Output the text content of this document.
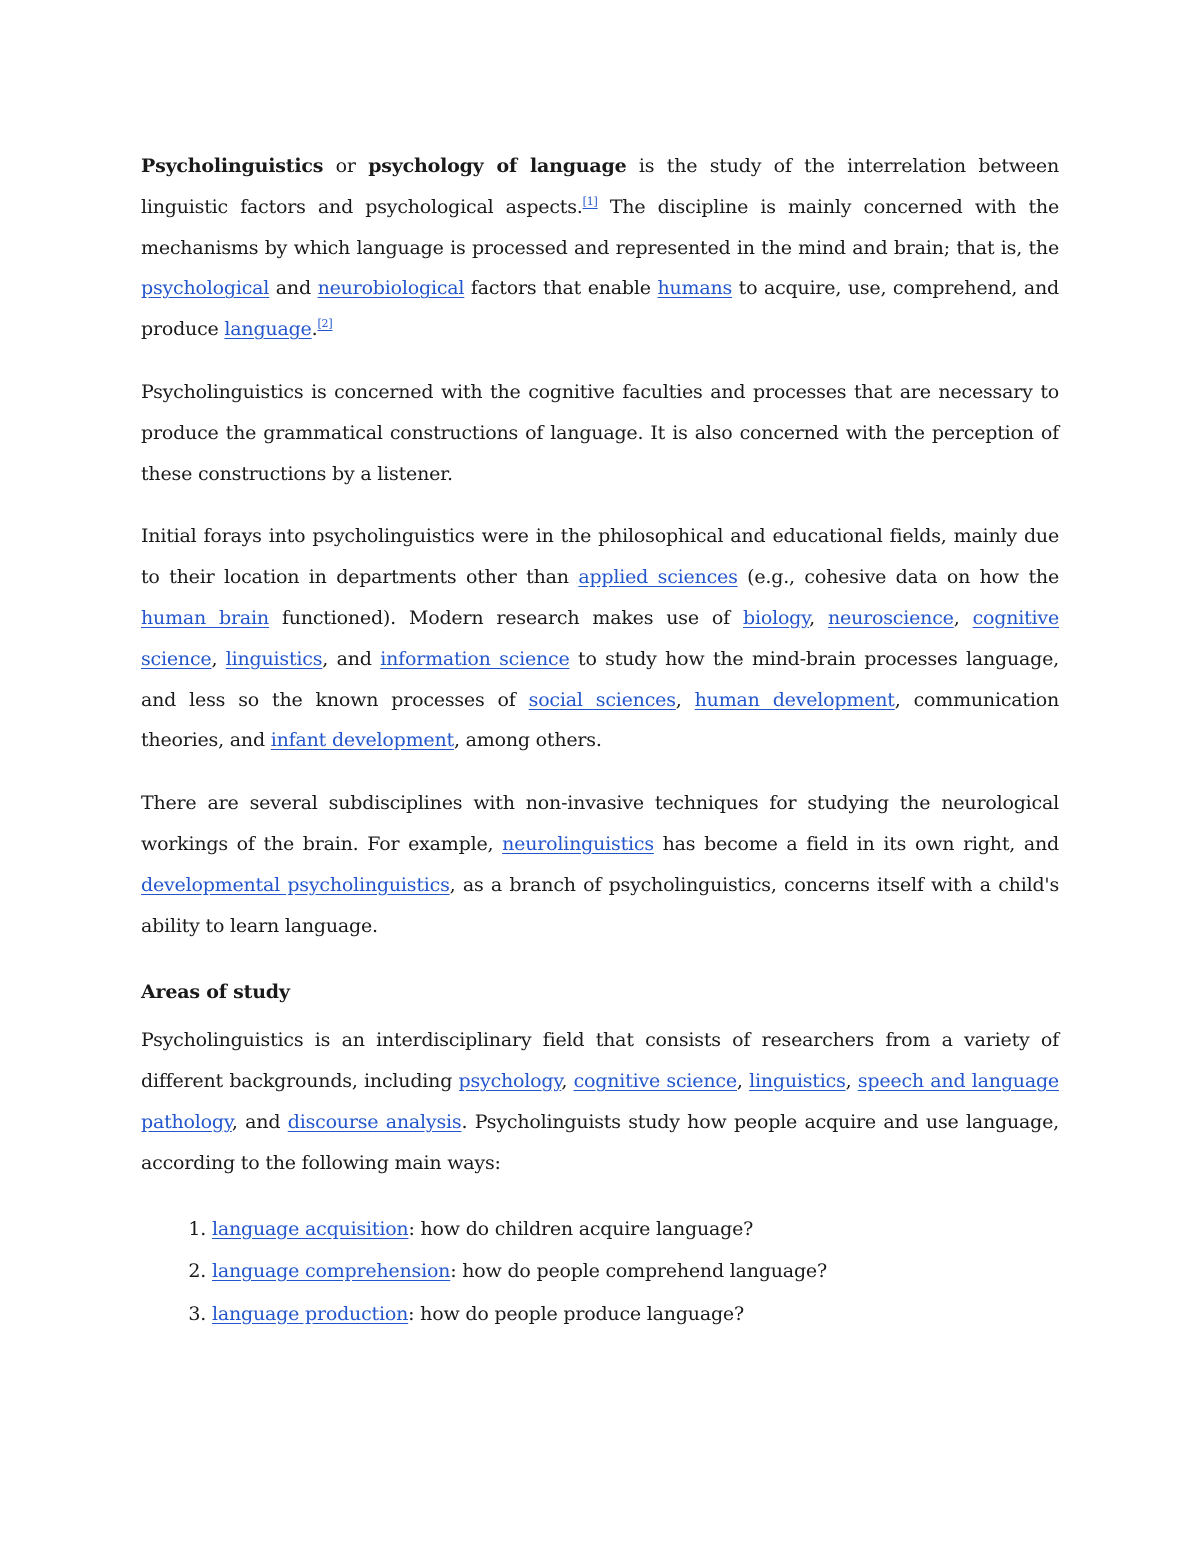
Psycholinguistics or psychology of language is the study of the interrelation between linguistic factors and psychological aspects.[1] The discipline is mainly concerned with the mechanisms by which language is processed and represented in the mind and brain; that is, the psychological and neurobiological factors that enable humans to acquire, use, comprehend, and produce language.[2]

Psycholinguistics is concerned with the cognitive faculties and processes that are necessary to produce the grammatical constructions of language. It is also concerned with the perception of these constructions by a listener.

Initial forays into psycholinguistics were in the philosophical and educational fields, mainly due to their location in departments other than applied sciences (e.g., cohesive data on how the human brain functioned). Modern research makes use of biology, neuroscience, cognitive science, linguistics, and information science to study how the mind-brain processes language, and less so the known processes of social sciences, human development, communication theories, and infant development, among others.

There are several subdisciplines with non-invasive techniques for studying the neurological workings of the brain. For example, neurolinguistics has become a field in its own right, and developmental psycholinguistics, as a branch of psycholinguistics, concerns itself with a child's ability to learn language.

Areas of study

Psycholinguistics is an interdisciplinary field that consists of researchers from a variety of different backgrounds, including psychology, cognitive science, linguistics, speech and language pathology, and discourse analysis. Psycholinguists study how people acquire and use language, according to the following main ways:

1. language acquisition: how do children acquire language?
2. language comprehension: how do people comprehend language?
3. language production: how do people produce language?
